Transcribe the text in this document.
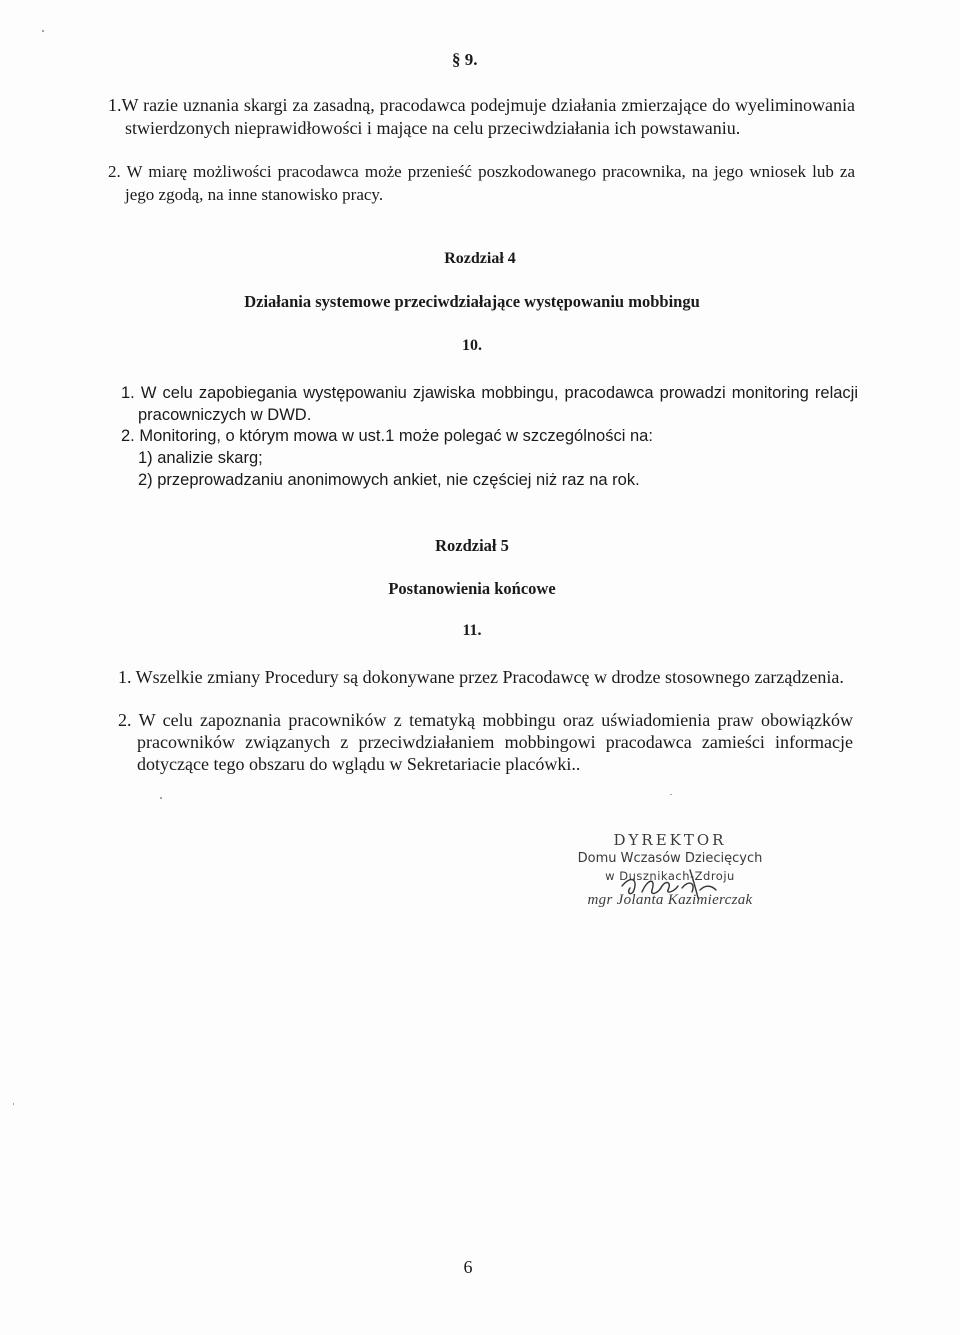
§ 9.

1.W razie uznania skargi za zasadną, pracodawca podejmuje działania zmierzające do wyeliminowania stwierdzonych nieprawidłowości i mające na celu przeciwdziałania ich powstawaniu.

2. W miarę możliwości pracodawca może przenieść poszkodowanego pracownika, na jego wniosek lub za jego zgodą, na inne stanowisko pracy.

Rozdział 4
Działania systemowe przeciwdziałające występowaniu mobbingu
10.

1. W celu zapobiegania występowaniu zjawiska mobbingu, pracodawca prowadzi monitoring relacji pracowniczych w DWD.

2. Monitoring, o którym mowa w ust.1 może polegać w szczególności na:

1) analizie skarg;

2) przeprowadzaniu anonimowych ankiet, nie częściej niż raz na rok.

Rozdział 5
Postanowienia końcowe
11.

1. Wszelkie zmiany Procedury są dokonywane przez Pracodawcę w drodze stosownego zarządzenia.

2. W celu zapoznania pracowników z tematyką mobbingu oraz uświadomienia praw obowiązków pracowników związanych z przeciwdziałaniem mobbingowi pracodawca zamieści informacje dotyczące tego obszaru do wglądu w Sekretariacie placówki..

DYREKTOR
Domu Wczasów Dziecięcych
w Dusznikach-Zdroju
mgr Jolanta Kazimierczak
6
